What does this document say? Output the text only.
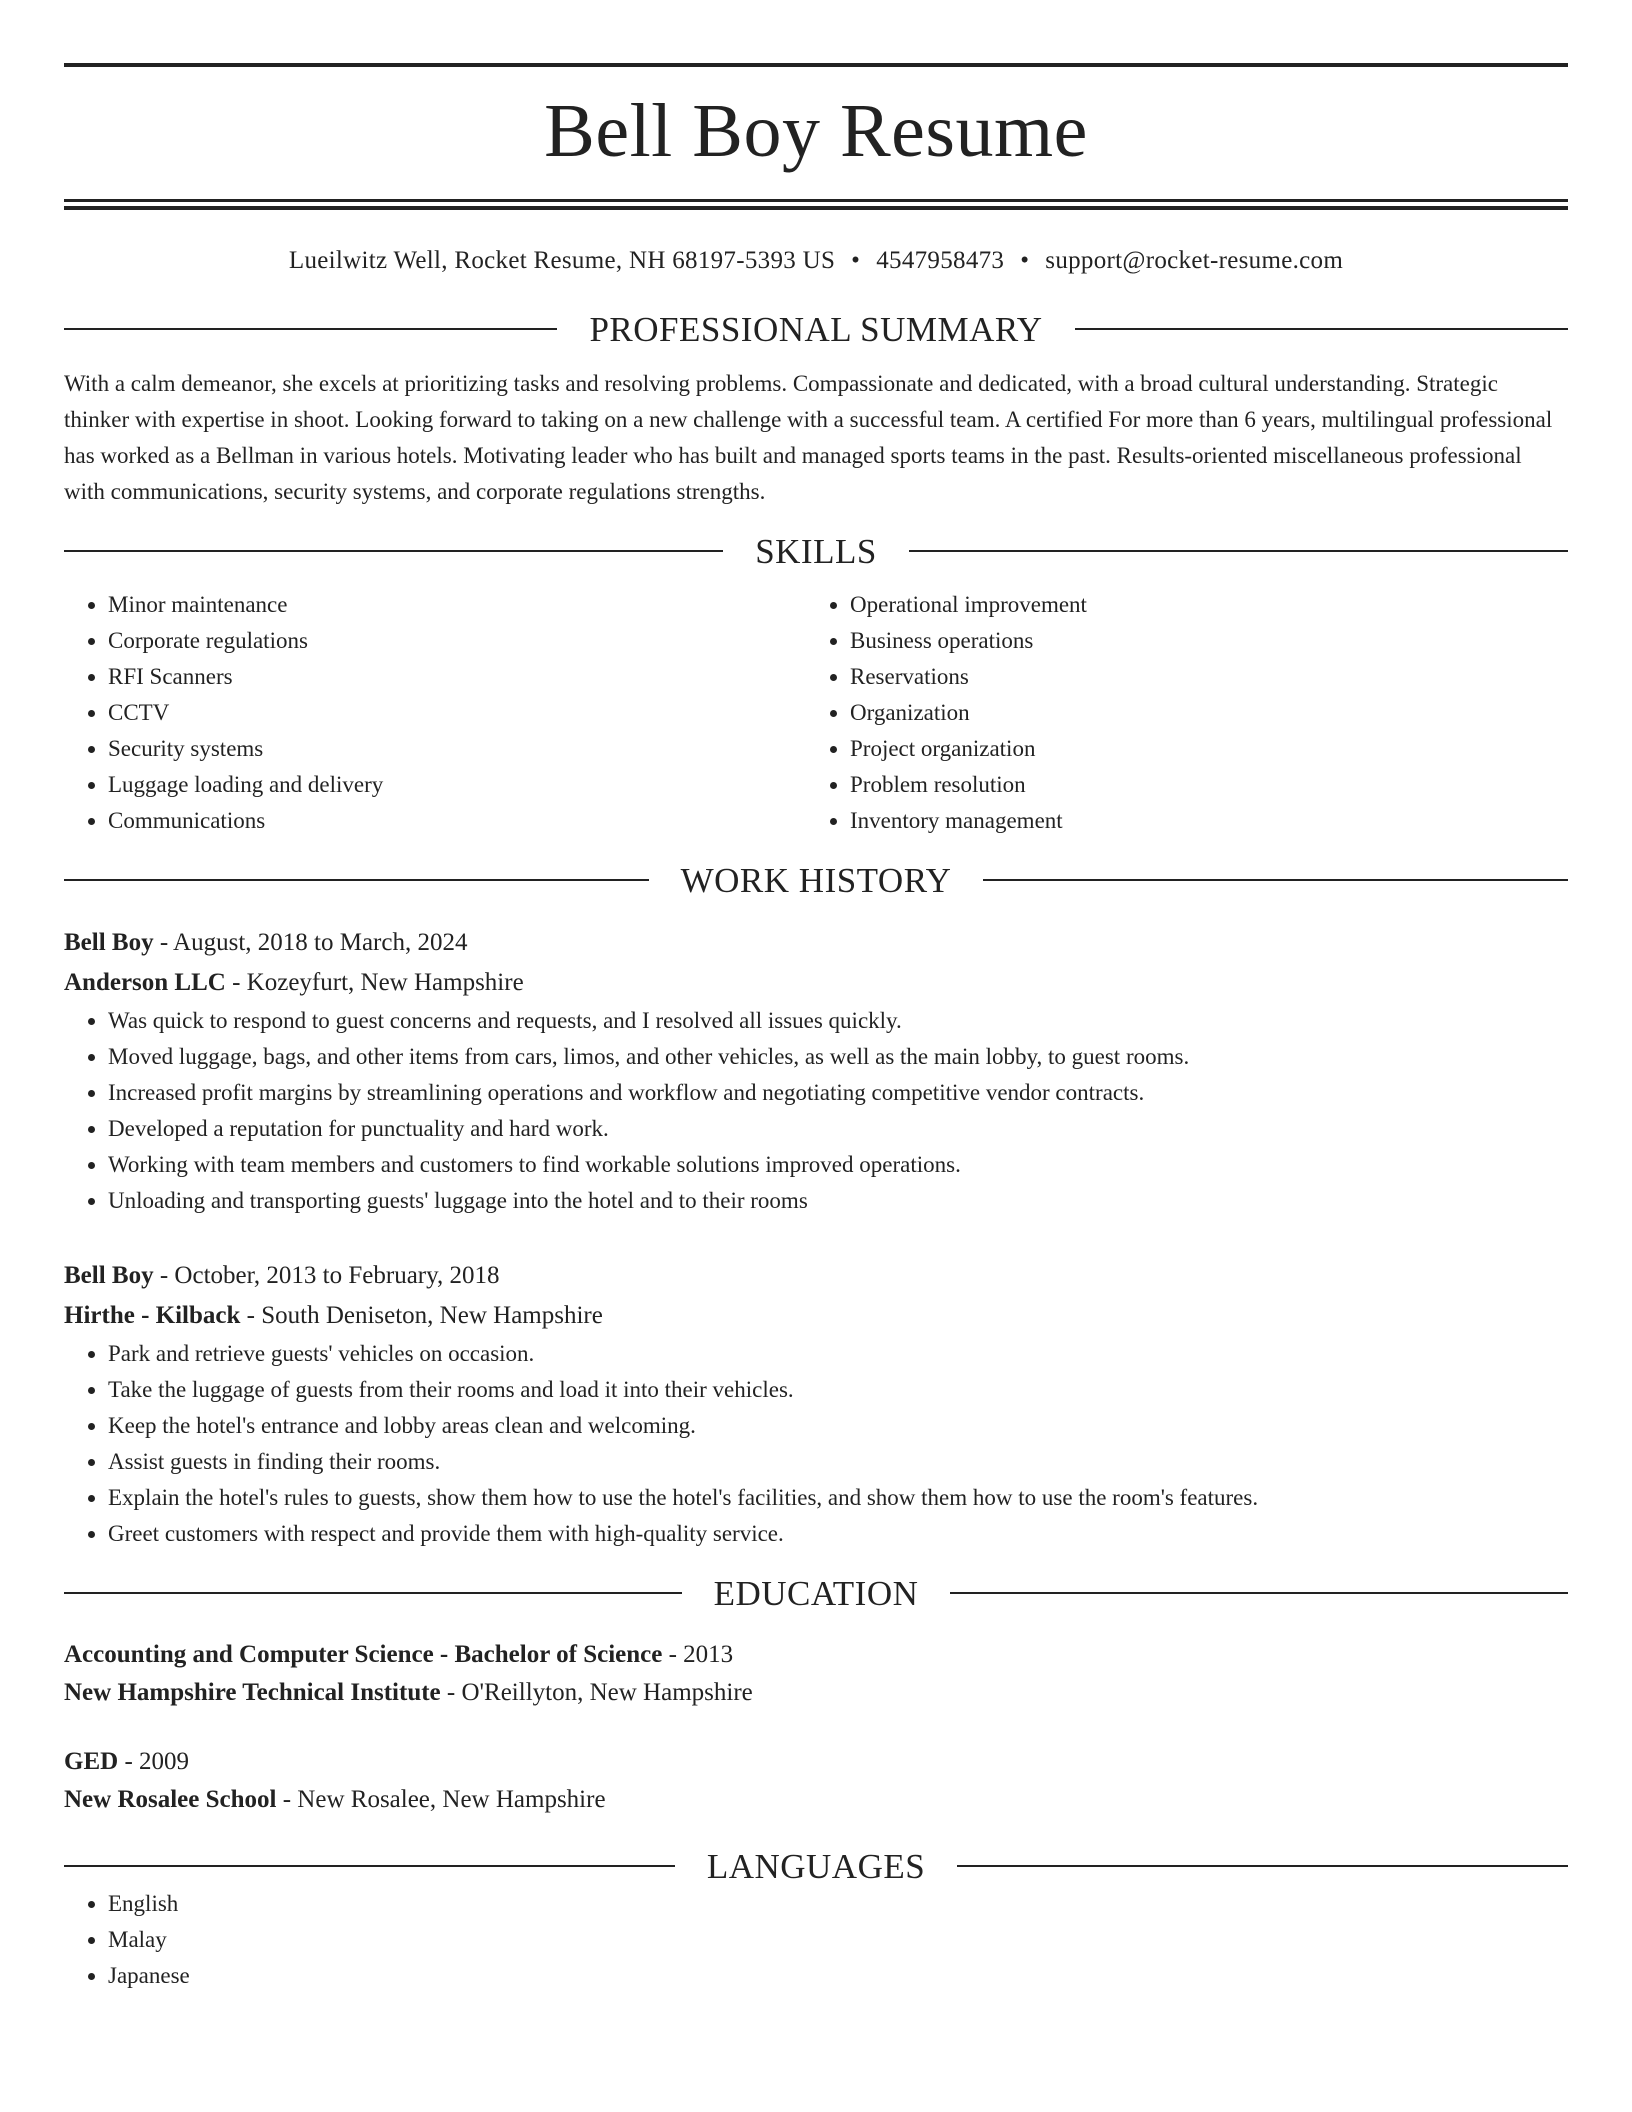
Bell Boy Resume
Lueilwitz Well, Rocket Resume, NH 68197-5393 US • 4547958473 • support@rocket-resume.com
PROFESSIONAL SUMMARY
With a calm demeanor, she excels at prioritizing tasks and resolving problems. Compassionate and dedicated, with a broad cultural understanding. Strategic thinker with expertise in shoot. Looking forward to taking on a new challenge with a successful team. A certified For more than 6 years, multilingual professional has worked as a Bellman in various hotels. Motivating leader who has built and managed sports teams in the past. Results-oriented miscellaneous professional with communications, security systems, and corporate regulations strengths.
SKILLS
• Minor maintenance
• Corporate regulations
• RFI Scanners
• CCTV
• Security systems
• Luggage loading and delivery
• Communications
• Operational improvement
• Business operations
• Reservations
• Organization
• Project organization
• Problem resolution
• Inventory management
WORK HISTORY
Bell Boy - August, 2018 to March, 2024
Anderson LLC - Kozeyfurt, New Hampshire
• Was quick to respond to guest concerns and requests, and I resolved all issues quickly.
• Moved luggage, bags, and other items from cars, limos, and other vehicles, as well as the main lobby, to guest rooms.
• Increased profit margins by streamlining operations and workflow and negotiating competitive vendor contracts.
• Developed a reputation for punctuality and hard work.
• Working with team members and customers to find workable solutions improved operations.
• Unloading and transporting guests' luggage into the hotel and to their rooms
Bell Boy - October, 2013 to February, 2018
Hirthe - Kilback - South Deniseton, New Hampshire
• Park and retrieve guests' vehicles on occasion.
• Take the luggage of guests from their rooms and load it into their vehicles.
• Keep the hotel's entrance and lobby areas clean and welcoming.
• Assist guests in finding their rooms.
• Explain the hotel's rules to guests, show them how to use the hotel's facilities, and show them how to use the room's features.
• Greet customers with respect and provide them with high-quality service.
EDUCATION
Accounting and Computer Science - Bachelor of Science - 2013
New Hampshire Technical Institute - O'Reillyton, New Hampshire
GED - 2009
New Rosalee School - New Rosalee, New Hampshire
LANGUAGES
• English
• Malay
• Japanese
